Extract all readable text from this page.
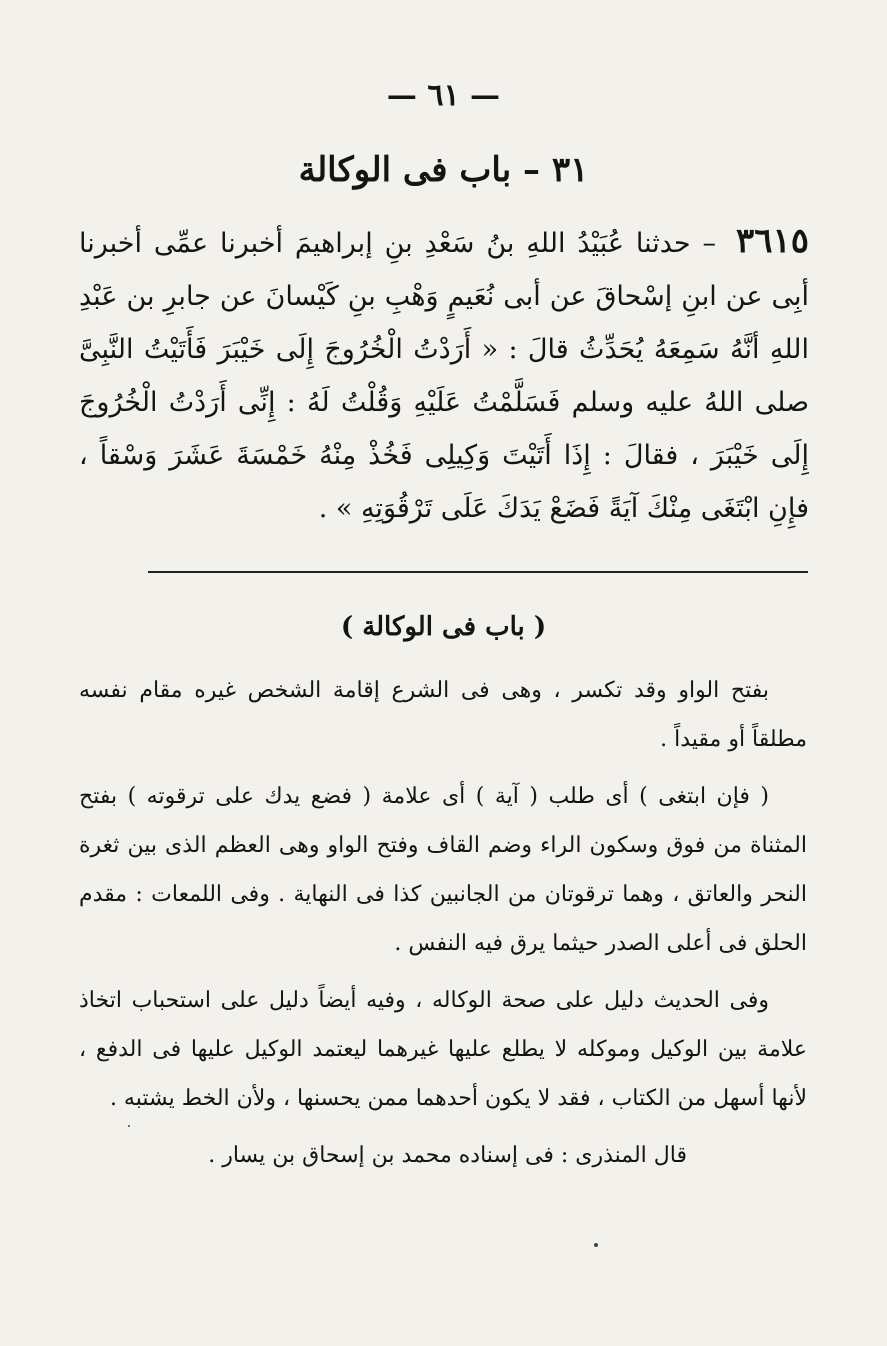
— ٦١ —
٣١ – باب فى الوكالة
٣٦١٥ – حدثنا عُبَيْدُ اللهِ بنُ سَعْدِ بنِ إبراهيمَ أخبرنا عمِّى أخبرنا أبِى عن ابنِ إسْحاقَ عن أبى نُعَيمٍ وَهْبِ بنِ كَيْسانَ عن جابرِ بن عَبْدِ اللهِ أنَّهُ سَمِعَهُ يُحَدِّثُ قالَ : « أَرَدْتُ الْخُرُوجَ إِلَى خَيْبَرَ فَأَتَيْتُ النَّبِىَّ صلى اللهُ عليه وسلم فَسَلَّمْتُ عَلَيْهِ وَقُلْتُ لَهُ : إِنِّى أَرَدْتُ الْخُرُوجَ إِلَى خَيْبَرَ ، فقالَ : إِذَا أَتَيْتَ وَكِيلِى فَخُذْ مِنْهُ خَمْسَةَ عَشَرَ وَسْقاً ، فإِنِ ابْتَغَى مِنْكَ آيَةً فَضَعْ يَدَكَ عَلَى تَرْقُوَتِهِ » .
( باب فى الوكالة )

بفتح الواو وقد تكسر ، وهى فى الشرع إقامة الشخص غيره مقام نفسه مطلقاً أو مقيداً .

( فإن ابتغى ) أى طلب ( آية ) أى علامة ( فضع يدك على ترقوته ) بفتح المثناة من فوق وسكون الراء وضم القاف وفتح الواو وهى العظم الذى بين ثغرة النحر والعاتق ، وهما ترقوتان من الجانبين كذا فى النهاية . وفى اللمعات : مقدم الحلق فى أعلى الصدر حيثما يرق فيه النفس .

وفى الحديث دليل على صحة الوكاله ، وفيه أيضاً دليل على استحباب اتخاذ علامة بين الوكيل وموكله لا يطلع عليها غيرهما ليعتمد الوكيل عليها فى الدفع ، لأنها أسهل من الكتاب ، فقد لا يكون أحدهما ممن يحسنها ، ولأن الخط يشتبه .

قال المنذرى : فى إسناده محمد بن إسحاق بن يسار .
